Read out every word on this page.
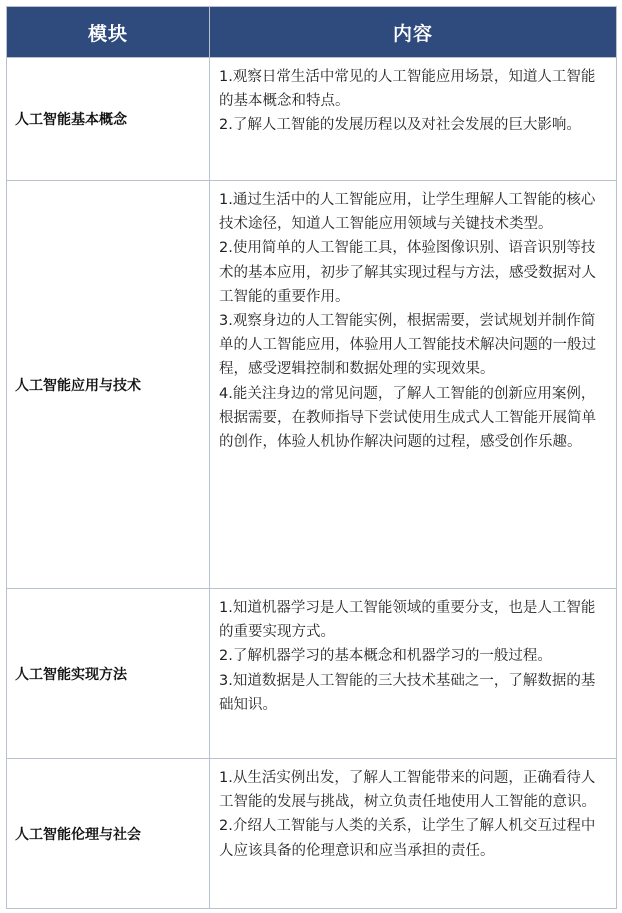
模块	内容
人工智能基本概念	1.观察日常生活中常见的人工智能应用场景，知道人工智能的基本概念和特点。

2.了解人工智能的发展历程以及对社会发展的巨大影响。

人工智能应用与技术	1.通过生活中的人工智能应用，让学生理解人工智能的核心技术途径，知道人工智能应用领域与关键技术类型。

2.使用简单的人工智能工具，体验图像识别、语音识别等技术的基本应用，初步了解其实现过程与方法，感受数据对人工智能的重要作用。

3.观察身边的人工智能实例，根据需要，尝试规划并制作简单的人工智能应用，体验用人工智能技术解决问题的一般过程，感受逻辑控制和数据处理的实现效果。

4.能关注身边的常见问题，了解人工智能的创新应用案例，根据需要，在教师指导下尝试使用生成式人工智能开展简单的创作，体验人机协作解决问题的过程，感受创作乐趣。

人工智能实现方法	1.知道机器学习是人工智能领域的重要分支，也是人工智能的重要实现方式。

2.了解机器学习的基本概念和机器学习的一般过程。

3.知道数据是人工智能的三大技术基础之一，了解数据的基础知识。

人工智能伦理与社会	1.从生活实例出发，了解人工智能带来的问题，正确看待人工智能的发展与挑战，树立负责任地使用人工智能的意识。

2.介绍人工智能与人类的关系，让学生了解人机交互过程中人应该具备的伦理意识和应当承担的责任。
